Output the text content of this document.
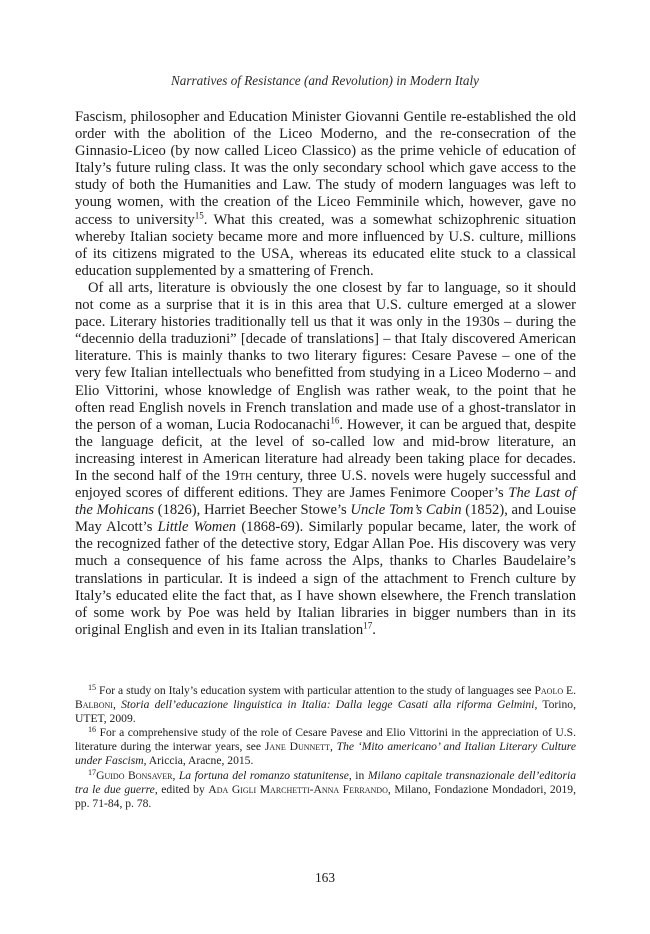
Narratives of Resistance (and Revolution) in Modern Italy

Fascism, philosopher and Education Minister Giovanni Gentile re-established the old order with the abolition of the Liceo Moderno, and the re-consecration of the Ginnasio-Liceo (by now called Liceo Classico) as the prime vehicle of education of Italy’s future ruling class. It was the only secondary school which gave access to the study of both the Humanities and Law. The study of modern languages was left to young women, with the creation of the Liceo Femminile which, however, gave no access to university$^{15}$. What this created, was a somewhat schizophrenic situation whereby Italian society became more and more influenced by U.S. culture, millions of its citizens migrated to the USA, whereas its educated elite stuck to a classical education supplemented by a smattering of French.

Of all arts, literature is obviously the one closest by far to language, so it should not come as a surprise that it is in this area that U.S. culture emerged at a slower pace. Literary histories traditionally tell us that it was only in the 1930s – during the “decennio della traduzioni” [decade of translations] – that Italy discovered American literature. This is mainly thanks to two literary figures: Cesare Pavese – one of the very few Italian intellectuals who benefitted from studying in a Liceo Moderno – and Elio Vittorini, whose knowledge of English was rather weak, to the point that he often read English novels in French translation and made use of a ghost-translator in the person of a woman, Lucia Rodocanachi$^{16}$. However, it can be argued that, despite the language deficit, at the level of so-called low and mid-brow literature, an increasing interest in American literature had already been taking place for decades. In the second half of the 19th century, three U.S. novels were hugely successful and enjoyed scores of different editions. They are James Fenimore Cooper’s The Last of the Mohicans (1826), Harriet Beecher Stowe’s Uncle Tom’s Cabin (1852), and Louise May Alcott’s Little Women (1868-69). Similarly popular became, later, the work of the recognized father of the detective story, Edgar Allan Poe. His discovery was very much a consequence of his fame across the Alps, thanks to Charles Baudelaire’s translations in particular. It is indeed a sign of the attachment to French culture by Italy’s educated elite the fact that, as I have shown elsewhere, the French translation of some work by Poe was held by Italian libraries in bigger numbers than in its original English and even in its Italian translation$^{17}$.

$^{15}$ For a study on Italy’s education system with particular attention to the study of languages see Paolo E. Balboni, Storia dell’educazione linguistica in Italia: Dalla legge Casati alla riforma Gelmini, Torino, UTET, 2009.

$^{16}$ For a comprehensive study of the role of Cesare Pavese and Elio Vittorini in the appreciation of U.S. literature during the interwar years, see Jane Dunnett, The ‘Mito americano’ and Italian Literary Culture under Fascism, Ariccia, Aracne, 2015.

$^{17}$Guido Bonsaver, La fortuna del romanzo statunitense, in Milano capitale transnazionale dell’editoria tra le due guerre, edited by Ada Gigli Marchetti-Anna Ferrando, Milano, Fondazione Mondadori, 2019, pp. 71-84, p. 78.

163
